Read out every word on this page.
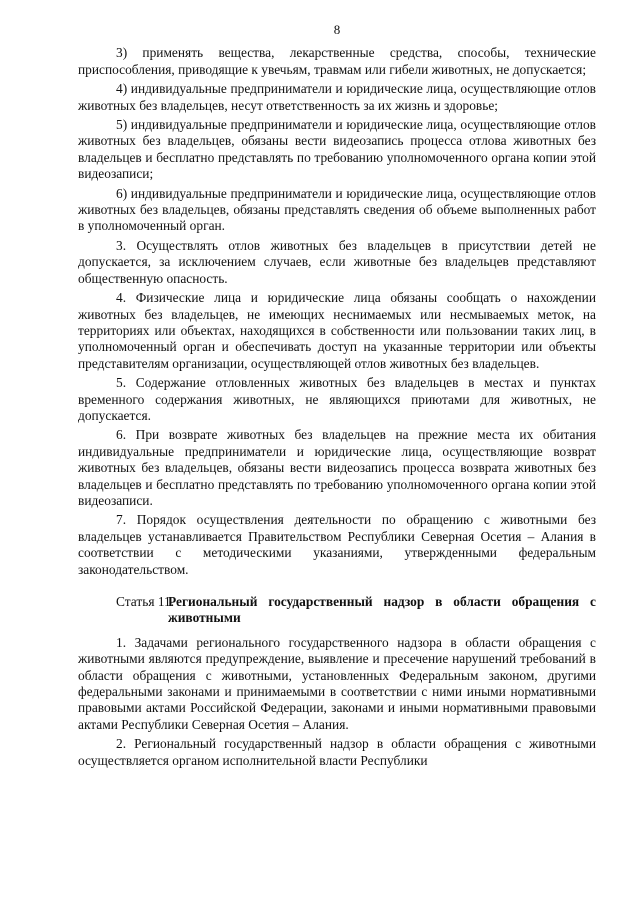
8

3) применять вещества, лекарственные средства, способы, технические приспособления, приводящие к увечьям, травмам или гибели животных, не допускается;

4) индивидуальные предприниматели и юридические лица, осуществляющие отлов животных без владельцев, несут ответственность за их жизнь и здоровье;

5) индивидуальные предприниматели и юридические лица, осуществляющие отлов животных без владельцев, обязаны вести видеозапись процесса отлова животных без владельцев и бесплатно представлять по требованию уполномоченного органа копии этой видеозаписи;

6) индивидуальные предприниматели и юридические лица, осуществляющие отлов животных без владельцев, обязаны представлять сведения об объеме выполненных работ в уполномоченный орган.

3. Осуществлять отлов животных без владельцев в присутствии детей не допускается, за исключением случаев, если животные без владельцев представляют общественную опасность.

4. Физические лица и юридические лица обязаны сообщать о нахождении животных без владельцев, не имеющих неснимаемых или несмываемых меток, на территориях или объектах, находящихся в собственности или пользовании таких лиц, в уполномоченный орган и обеспечивать доступ на указанные территории или объекты представителям организации, осуществляющей отлов животных без владельцев.

5. Содержание отловленных животных без владельцев в местах и пунктах временного содержания животных, не являющихся приютами для животных, не допускается.

6. При возврате животных без владельцев на прежние места их обитания индивидуальные предприниматели и юридические лица, осуществляющие возврат животных без владельцев, обязаны вести видеозапись процесса возврата животных без владельцев и бесплатно представлять по требованию уполномоченного органа копии этой видеозаписи.

7. Порядок осуществления деятельности по обращению с животными без владельцев устанавливается Правительством Республики Северная Осетия – Алания в соответствии с методическими указаниями, утвержденными федеральным законодательством.

Статья 11.
Региональный государственный надзор в области обращения с животными

1. Задачами регионального государственного надзора в области обращения с животными являются предупреждение, выявление и пресечение нарушений требований в области обращения с животными, установленных Федеральным законом, другими федеральными законами и принимаемыми в соответствии с ними иными нормативными правовыми актами Российской Федерации, законами и иными нормативными правовыми актами Республики Северная Осетия – Алания.

2. Региональный государственный надзор в области обращения с животными осуществляется органом исполнительной власти Республики
